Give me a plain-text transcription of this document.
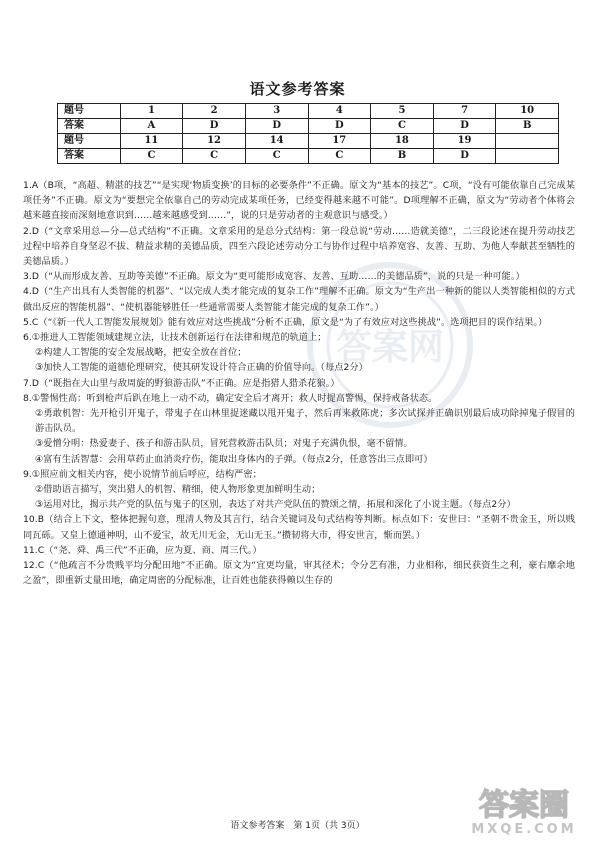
语文参考答案
题号	1	2	3	4	5	7	10
答案	A	D	D	D	C	D	B
题号	11	12	14	17	18	19	
答案	C	C	C	C	B	D	

1.A（B项，“高超、精湛的技艺”“是实现‘物质变换’的目标的必要条件”不正确。原文为“基本的技艺”。C项，“没有可能依靠自己完成某项任务”不正确。原文为“要想完全依靠自己的劳动完成某项任务，已经变得越来越不可能”。D项理解不正确，原文为“劳动者个体将会越来越直接而深刻地意识到……越来越感受到……”，说的只是劳动者的主观意识与感受。）

2.D（“文章采用总—分—总式结构”不正确。文章采用的是总分式结构：第一段总说“劳动……造就美德”，二三段论述在提升劳动技艺过程中培养自身坚忍不拔、精益求精的美德品质，四至六段论述劳动分工与协作过程中培养宽容、友善、互助、为他人奉献甚至牺牲的美德品质。）

3.D（“从而形成友善、互助等美德”不正确。原文为“更可能形成宽容、友善、互助……的美德品质”，说的只是一种可能。）

4.D（“生产出具有人类智能的机器”、“以完成人类才能完成的复杂工作”理解不正确。原文为“生产出一种新的能以人类智能相似的方式做出反应的智能机器”、“使机器能够胜任一些通常需要人类智能才能完成的复杂工作”。）

5.C（“《新一代人工智能发展规划》能有效应对这些挑战”分析不正确，原文是“为了有效应对这些挑战”。选项把目的误作结果。）

6.①推进人工智能领域建规立法，让技术创新运行在法律和规范的轨道上；

②构建人工智能的安全发展战略，把安全放在首位；

③加快人工智能的道德伦理研究，使其研发设计符合正确的价值导向。（每点2分）

7.D（“既指在大山里与敌周旋的野狼游击队”不正确。应是指猎人猎杀花狼。）

8.①警惕性高：听到枪声后趴在地上一动不动，确定安全后才离开；救人时提高警惕，保持戒备状态。

②勇敢机智：先开枪引开鬼子，带鬼子在山林里捉迷藏以甩开鬼子，然后再来救陈虎；多次试探并正确识别最后成功除掉鬼子假冒的游击队员。

③爱憎分明：热爱妻子、孩子和游击队员，冒死营救游击队员；对鬼子充满仇恨，毫不留情。

④富有生活智慧：会用草药止血消炎疗伤，能取出身体内的子弹。（每点2分，任意答出三点即可）

9.①照应前文相关内容，使小说情节前后呼应，结构严密；

②借助语言描写，突出猎人的机智、精细，使人物形象更加鲜明生动；

③运用对比，揭示共产党的队伍与鬼子的区别，表达了对共产党队伍的赞颂之情，拓展和深化了小说主题。（每点2分）

10.B（结合上下文，整体把握句意，理清人物及其言行，结合关键词及句式结构等判断。标点如下：安世曰：“圣朝不贵金玉，所以贱同瓦砾。又皇上德通神明，山不爱宝，故无川无金，无山无玉。”攒韧将大市，得安世言，惭而罢。）

11.C（“尧、舜、禹三代”不正确，应为夏、商、周三代。）

12.C（“他疏言不分贵贱平均分配田地”不正确。原文为“宜更均量，审其径术；令分艺有准，力业相称，细民获资生之利，豪右靡余地之盈”，即重新丈量田地，确定周密的分配标准，让百姓也能获得赖以生存的

答案网
语文参考答案　第 1页（共 3页）
答案圈
MXQE.COM
